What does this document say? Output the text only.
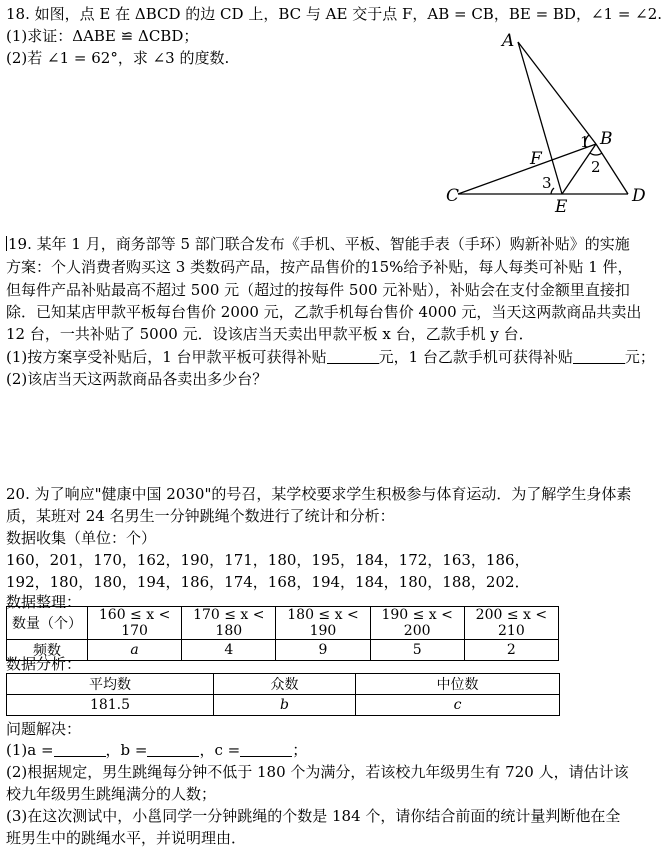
18. 如图，点 E 在 ΔBCD 的边 CD 上，BC 与 AE 交于点 F，AB = CB，BE = BD，∠1 = ∠2.
(1)求证：ΔABE ≌ ΔCBD；
(2)若 ∠1 = 62°，求 ∠3 的度数.
A
B
C	D
E
F
1
2
3
19. 某年 1 月，商务部等 5 部门联合发布《手机、平板、智能手表（手环）购新补贴》的实施
方案：个人消费者购买这 3 类数码产品，按产品售价的15%给予补贴，每人每类可补贴 1 件，
但每件产品补贴最高不超过 500 元（超过的按每件 500 元补贴），补贴会在支付金额里直接扣
除．已知某店甲款平板每台售价 2000 元，乙款手机每台售价 4000 元，当天这两款商品共卖出
12 台，一共补贴了 5000 元．设该店当天卖出甲款平板 x 台，乙款手机 y 台．
(1)按方案享受补贴后，1 台甲款平板可获得补贴	元，1 台乙款手机可获得补贴	元；
(2)该店当天这两款商品各卖出多少台？
20. 为了响应"健康中国 2030"的号召，某学校要求学生积极参与体育运动．为了解学生身体素
质，某班对 24 名男生一分钟跳绳个数进行了统计和分析：
数据收集（单位：个）
160，201，170，162，190，171，180，195，184，172，163，186，
192，180，180，194，186，174，168，194，184，180，188，202．
数据整理：
数量（个）	160 ≤ x < 170	170 ≤ x < 180	180 ≤ x < 190	190 ≤ x < 200	200 ≤ x < 210
频数	a	4	9	5	2
数据分析：
平均数	众数	中位数
181.5	b	c
问题解决：
(1)a =	，b =	，c =	；
(2)根据规定，男生跳绳每分钟不低于 180 个为满分，若该校九年级男生有 720 人，请估计该
校九年级男生跳绳满分的人数；
(3)在这次测试中，小邕同学一分钟跳绳的个数是 184 个，请你结合前面的统计量判断他在全
班男生中的跳绳水平，并说明理由．
